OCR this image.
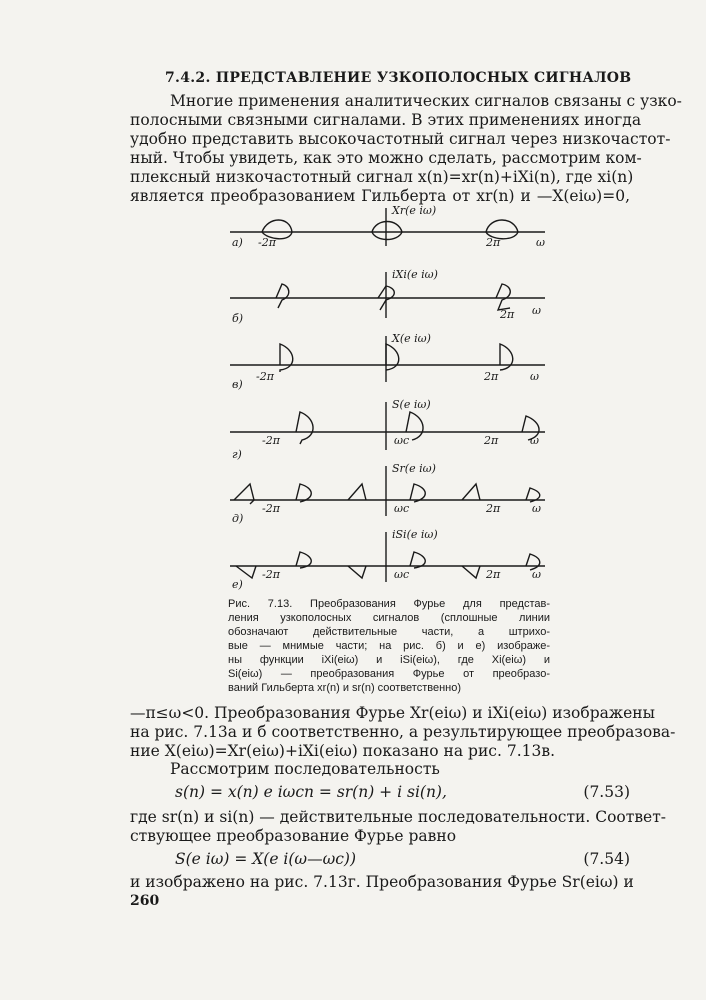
7.4.2. ПРЕДСТАВЛЕНИЕ УЗКОПОЛОСНЫХ СИГНАЛОВ
Многие применения аналитических сигналов связаны с узко-
полосными связными сигналами. В этих применениях иногда
удобно представить высокочастотный сигнал через низкочастот-
ный. Чтобы увидеть, как это можно сделать, рассмотрим ком-
плексный низкочастотный сигнал x(n)=xr(n)+iXi(n), где xi(n)
является преобразованием Гильберта от xr(n) и —X(eiω)=0,
а)
Xr(e iω)
-2π	2π	ω
б)
iXi(e iω)
2π ω
в)
X(e iω)
-2π	2π	ω
г)
S(e iω)
-2π	ωc	2π	ω
д)
Sr(e iω)
-2π	ωc	2π	ω
е)
iSi(e iω)
-2π	ωc	2π	ω
Рис. 7.13. Преобразования Фурье для представ-
ления узкополосных сигналов (сплошные линии
обозначают действительные части, а штрихо-
вые — мнимые части; на рис. б) и е) изображе-
ны функции iXi(eiω) и iSi(eiω), где Xi(eiω) и
Si(eiω) — преобразования Фурье от преобразо-
ваний Гильберта xr(n) и sr(n) соответственно)
—π≤ω<0. Преобразования Фурье Xr(eiω) и iXi(eiω) изображены
на рис. 7.13а и б соответственно, а результирующее преобразова-
ние X(eiω)=Xr(eiω)+iXi(eiω) показано на рис. 7.13в.
Рассмотрим последовательность
s(n) = x(n) e iωcn = sr(n) + i si(n),	(7.53)
где sr(n) и si(n) — действительные последовательности. Соответ-
ствующее преобразование Фурье равно
S(e iω) = X(e i(ω—ωc))	(7.54)
и изображено на рис. 7.13г. Преобразования Фурье Sr(eiω) и
260
